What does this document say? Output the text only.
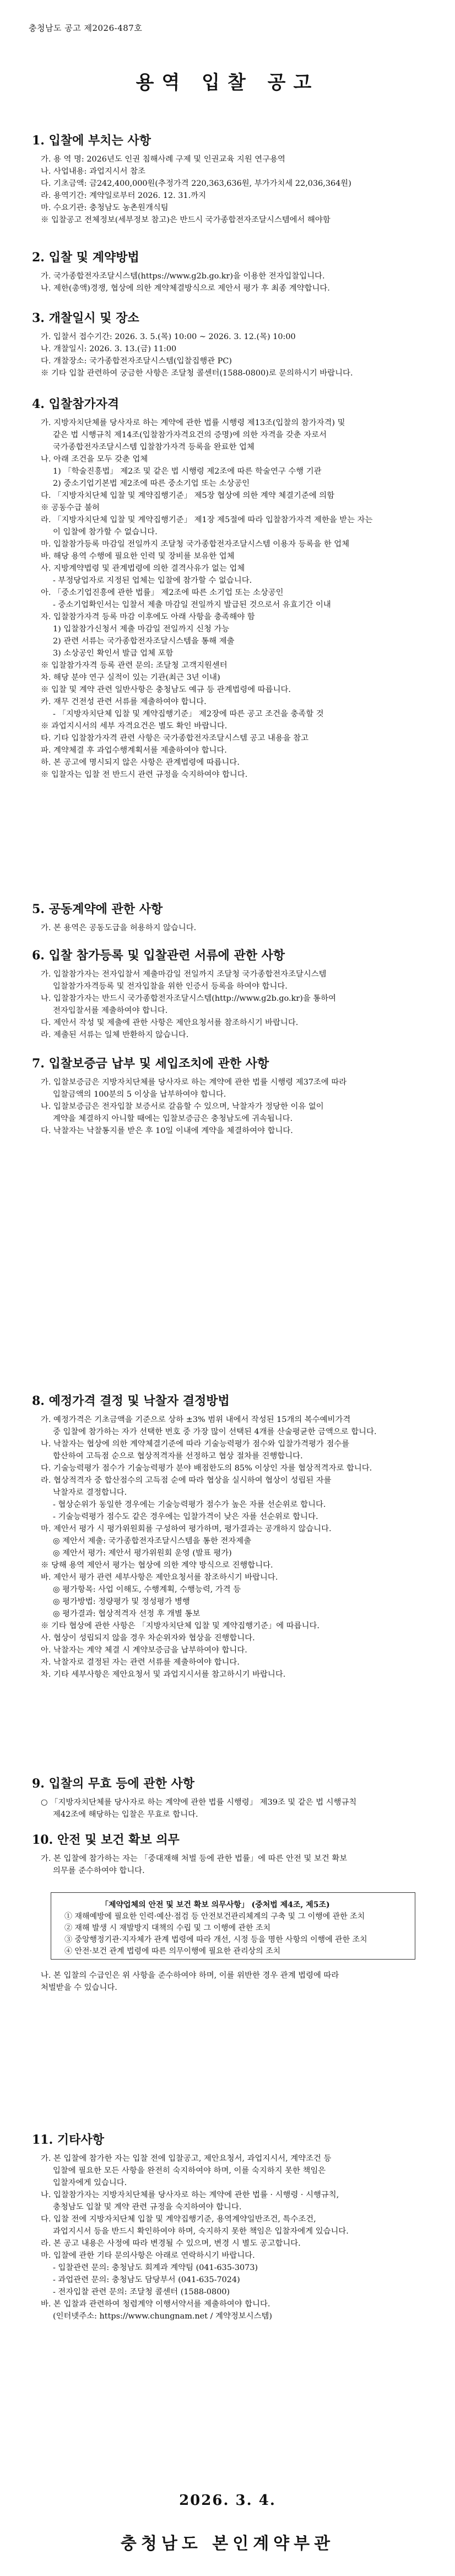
충청남도 공고 제2026-487호
용역 입찰 공고
1. 입찰에 부치는 사항
가. 용 역 명: 2026년도 인권 침해사례 구제 및 인권교육 지원 연구용역
나. 사업내용: 과업지시서 참조
다. 기초금액: 금242,400,000원(추정가격 220,363,636원, 부가가치세 22,036,364원)
라. 용역기간: 계약일로부터 2026. 12. 31.까지
마. 수요기관: 충청남도 농촌원개식팀
※ 입찰공고 전체정보(세부정보 참고)은 반드시 국가종합전자조달시스템에서 해야함
2. 입찰 및 계약방법
가. 국가종합전자조달시스템(https://www.g2b.go.kr)을 이용한 전자입찰입니다.
나. 제한(총액)경쟁, 협상에 의한 계약체결방식으로 제안서 평가 후 최종 계약합니다.
3. 개찰일시 및 장소
가. 입찰서 접수기간: 2026. 3. 5.(목) 10:00 ~ 2026. 3. 12.(목) 10:00
나. 개찰일시: 2026. 3. 13.(금) 11:00
다. 개찰장소: 국가종합전자조달시스템(입찰집행관 PC)
※ 기타 입찰 관련하여 궁금한 사항은 조달청 콜센터(1588-0800)로 문의하시기 바랍니다.
4. 입찰참가자격
가. 지방자치단체를 당사자로 하는 계약에 관한 법률 시행령 제13조(입찰의 참가자격) 및
같은 법 시행규칙 제14조(입찰참가자격요건의 증명)에 의한 자격을 갖춘 자로서
국가종합전자조달시스템 입찰참가자격 등록을 완료한 업체
나. 아래 조건을 모두 갖춘 업체
1) 「학술진흥법」 제2조 및 같은 법 시행령 제2조에 따른 학술연구 수행 기관
2) 중소기업기본법 제2조에 따른 중소기업 또는 소상공인
다. 「지방자치단체 입찰 및 계약집행기준」 제5장 협상에 의한 계약 체결기준에 의함
※ 공동수급 불허
라. 「지방자치단체 입찰 및 계약집행기준」 제1장 제5절에 따라 입찰참가자격 제한을 받는 자는
이 입찰에 참가할 수 없습니다.
마. 입찰참가등록 마감일 전일까지 조달청 국가종합전자조달시스템 이용자 등록을 한 업체
바. 해당 용역 수행에 필요한 인력 및 장비를 보유한 업체
사. 지방계약법령 및 관계법령에 의한 결격사유가 없는 업체
- 부정당업자로 지정된 업체는 입찰에 참가할 수 없습니다.
아. 「중소기업진흥에 관한 법률」 제2조에 따른 소기업 또는 소상공인
- 중소기업확인서는 입찰서 제출 마감일 전일까지 발급된 것으로서 유효기간 이내
자. 입찰참가자격 등록 마감 이후에도 아래 사항을 충족해야 함
1) 입찰참가신청서 제출 마감일 전일까지 신청 가능
2) 관련 서류는 국가종합전자조달시스템을 통해 제출
3) 소상공인 확인서 발급 업체 포함
※ 입찰참가자격 등록 관련 문의: 조달청 고객지원센터
차. 해당 분야 연구 실적이 있는 기관(최근 3년 이내)
※ 입찰 및 계약 관련 일반사항은 충청남도 예규 등 관계법령에 따릅니다.
카. 재무 건전성 관련 서류를 제출하여야 합니다.
- 「지방자치단체 입찰 및 계약집행기준」 제2장에 따른 공고 조건을 충족할 것
※ 과업지시서의 세부 자격요건은 별도 확인 바랍니다.
타. 기타 입찰참가자격 관련 사항은 국가종합전자조달시스템 공고 내용을 참고
파. 계약체결 후 과업수행계획서를 제출하여야 합니다.
하. 본 공고에 명시되지 않은 사항은 관계법령에 따릅니다.
※ 입찰자는 입찰 전 반드시 관련 규정을 숙지하여야 합니다.
5. 공동계약에 관한 사항
가. 본 용역은 공동도급을 허용하지 않습니다.
6. 입찰 참가등록 및 입찰관련 서류에 관한 사항
가. 입찰참가자는 전자입찰서 제출마감일 전일까지 조달청 국가종합전자조달시스템
입찰참가자격등록 및 전자입찰을 위한 인증서 등록을 하여야 합니다.
나. 입찰참가자는 반드시 국가종합전자조달시스템(http://www.g2b.go.kr)을 통하여
전자입찰서를 제출하여야 합니다.
다. 제안서 작성 및 제출에 관한 사항은 제안요청서를 참조하시기 바랍니다.
라. 제출된 서류는 일체 반환하지 않습니다.
7. 입찰보증금 납부 및 세입조치에 관한 사항
가. 입찰보증금은 지방자치단체를 당사자로 하는 계약에 관한 법률 시행령 제37조에 따라
입찰금액의 100분의 5 이상을 납부하여야 합니다.
나. 입찰보증금은 전자입찰 보증서로 갈음할 수 있으며, 낙찰자가 정당한 이유 없이
계약을 체결하지 아니할 때에는 입찰보증금은 충청남도에 귀속됩니다.
다. 낙찰자는 낙찰통지를 받은 후 10일 이내에 계약을 체결하여야 합니다.
8. 예정가격 결정 및 낙찰자 결정방법
가. 예정가격은 기초금액을 기준으로 상하 ±3% 범위 내에서 작성된 15개의 복수예비가격
중 입찰에 참가하는 자가 선택한 번호 중 가장 많이 선택된 4개를 산술평균한 금액으로 합니다.
나. 낙찰자는 협상에 의한 계약체결기준에 따라 기술능력평가 점수와 입찰가격평가 점수를
합산하여 고득점 순으로 협상적격자를 선정하고 협상 절차를 진행합니다.
다. 기술능력평가 점수가 기술능력평가 분야 배점한도의 85% 이상인 자를 협상적격자로 합니다.
라. 협상적격자 중 합산점수의 고득점 순에 따라 협상을 실시하여 협상이 성립된 자를
낙찰자로 결정합니다.
- 협상순위가 동일한 경우에는 기술능력평가 점수가 높은 자를 선순위로 합니다.
- 기술능력평가 점수도 같은 경우에는 입찰가격이 낮은 자를 선순위로 합니다.
마. 제안서 평가 시 평가위원회를 구성하여 평가하며, 평가결과는 공개하지 않습니다.
◎ 제안서 제출: 국가종합전자조달시스템을 통한 전자제출
◎ 제안서 평가: 제안서 평가위원회 운영 (발표 평가)
※ 당해 용역 제안서 평가는 협상에 의한 계약 방식으로 진행합니다.
바. 제안서 평가 관련 세부사항은 제안요청서를 참조하시기 바랍니다.
◎ 평가항목: 사업 이해도, 수행계획, 수행능력, 가격 등
◎ 평가방법: 정량평가 및 정성평가 병행
◎ 평가결과: 협상적격자 선정 후 개별 통보
※ 기타 협상에 관한 사항은 「지방자치단체 입찰 및 계약집행기준」에 따릅니다.
사. 협상이 성립되지 않을 경우 차순위자와 협상을 진행합니다.
아. 낙찰자는 계약 체결 시 계약보증금을 납부하여야 합니다.
자. 낙찰자로 결정된 자는 관련 서류를 제출하여야 합니다.
차. 기타 세부사항은 제안요청서 및 과업지시서를 참고하시기 바랍니다.
9. 입찰의 무효 등에 관한 사항
○ 「지방자치단체를 당사자로 하는 계약에 관한 법률 시행령」 제39조 및 같은 법 시행규칙
제42조에 해당하는 입찰은 무효로 합니다.
10. 안전 및 보건 확보 의무
가. 본 입찰에 참가하는 자는 「중대재해 처벌 등에 관한 법률」에 따른 안전 및 보건 확보
의무를 준수하여야 합니다.
11. 기타사항
가. 본 입찰에 참가한 자는 입찰 전에 입찰공고, 제안요청서, 과업지시서, 계약조건 등
입찰에 필요한 모든 사항을 완전히 숙지하여야 하며, 이를 숙지하지 못한 책임은
입찰자에게 있습니다.
나. 입찰참가자는 지방자치단체를 당사자로 하는 계약에 관한 법률 · 시행령 · 시행규칙,
충청남도 입찰 및 계약 관련 규정을 숙지하여야 합니다.
다. 입찰 전에 지방자치단체 입찰 및 계약집행기준, 용역계약일반조건, 특수조건,
과업지시서 등을 반드시 확인하여야 하며, 숙지하지 못한 책임은 입찰자에게 있습니다.
라. 본 공고 내용은 사정에 따라 변경될 수 있으며, 변경 시 별도 공고합니다.
마. 입찰에 관한 기타 문의사항은 아래로 연락하시기 바랍니다.
- 입찰관련 문의: 충청남도 회계과 계약팀 (041-635-3073)
- 과업관련 문의: 충청남도 담당부서 (041-635-7024)
- 전자입찰 관련 문의: 조달청 콜센터 (1588-0800)
바. 본 입찰과 관련하여 청렴계약 이행서약서를 제출하여야 합니다.
(인터넷주소: https://www.chungnam.net / 계약정보시스템)
「제약업체의 안전 및 보건 확보 의무사항」 (중처법 제4조, 제5조)
① 재해예방에 필요한 인력·예산·점검 등 안전보건관리체계의 구축 및 그 이행에 관한 조치
② 재해 발생 시 재발방지 대책의 수립 및 그 이행에 관한 조치
③ 중앙행정기관·지자체가 관계 법령에 따라 개선, 시정 등을 명한 사항의 이행에 관한 조치
④ 안전·보건 관계 법령에 따른 의무이행에 필요한 관리상의 조치
나. 본 입찰의 수급인은 위 사항을 준수하여야 하며, 이를 위반한 경우 관계 법령에 따라
처벌받을 수 있습니다.
2026. 3. 4.
충청남도 본인계약부관
